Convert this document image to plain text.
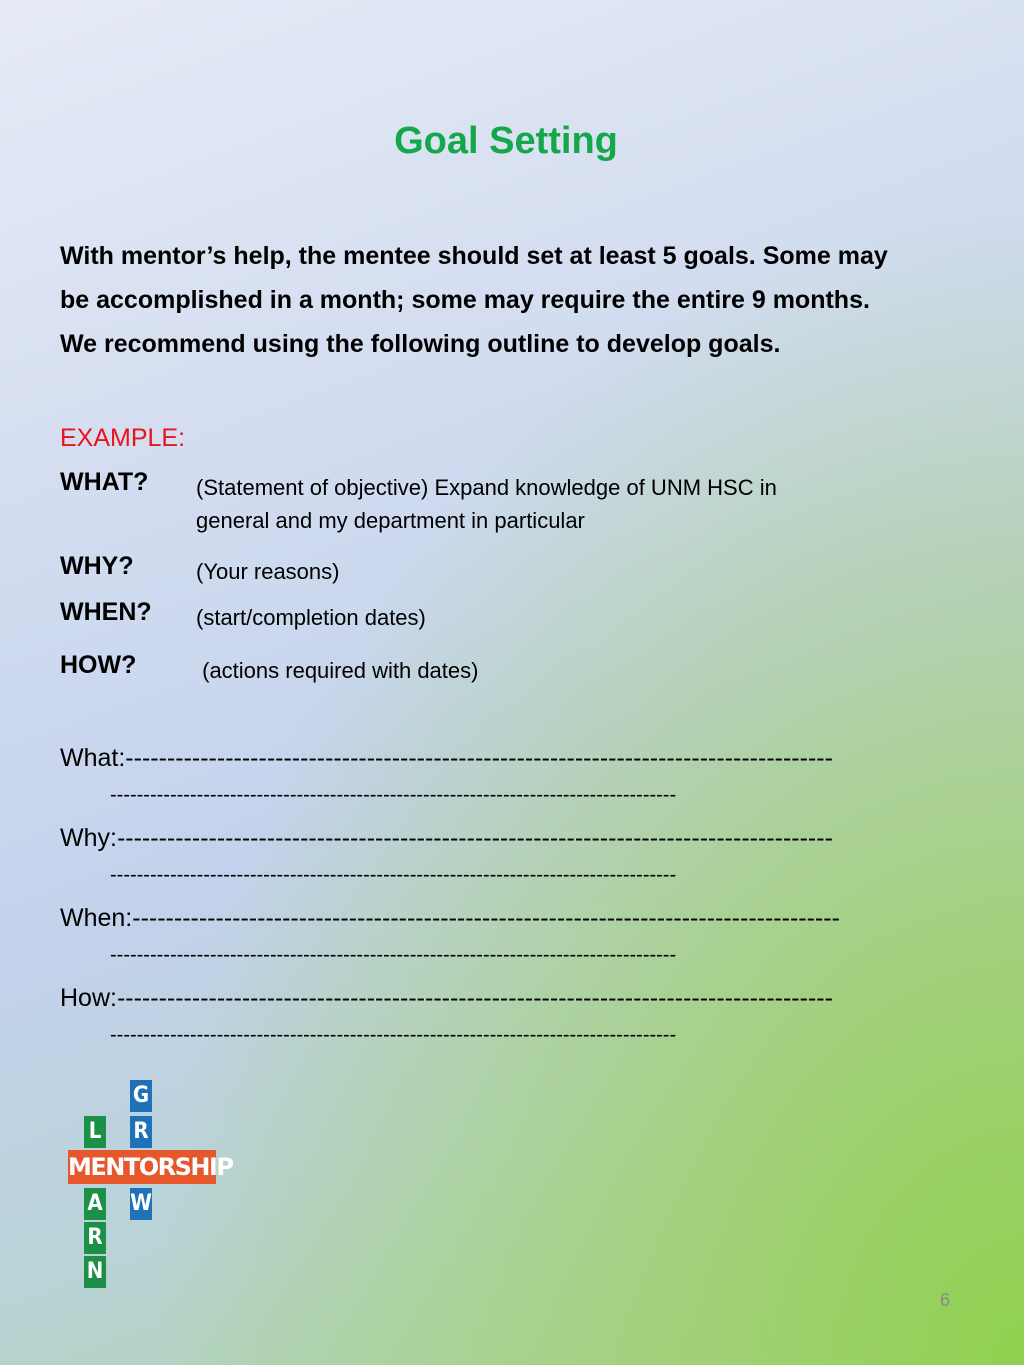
Goal Setting
With mentor’s help, the mentee should set at least 5 goals. Some may
be accomplished in a month; some may require the entire 9 months.
We recommend using the following outline to develop goals.
EXAMPLE:
WHAT? (Statement of objective) Expand knowledge of UNM HSC in
general and my department in particular
WHY?	(Your reasons)
WHEN? (start/completion dates)
HOW?	(actions required with dates)
What:-------------------------------------------------------------------------------------
-------------------------------------------------------------------------------------
Why:--------------------------------------------------------------------------------------
-------------------------------------------------------------------------------------
When:-------------------------------------------------------------------------------------
-------------------------------------------------------------------------------------
How:--------------------------------------------------------------------------------------
-------------------------------------------------------------------------------------
G
R
W
L
A
R
N
MENTORSHIP
6
